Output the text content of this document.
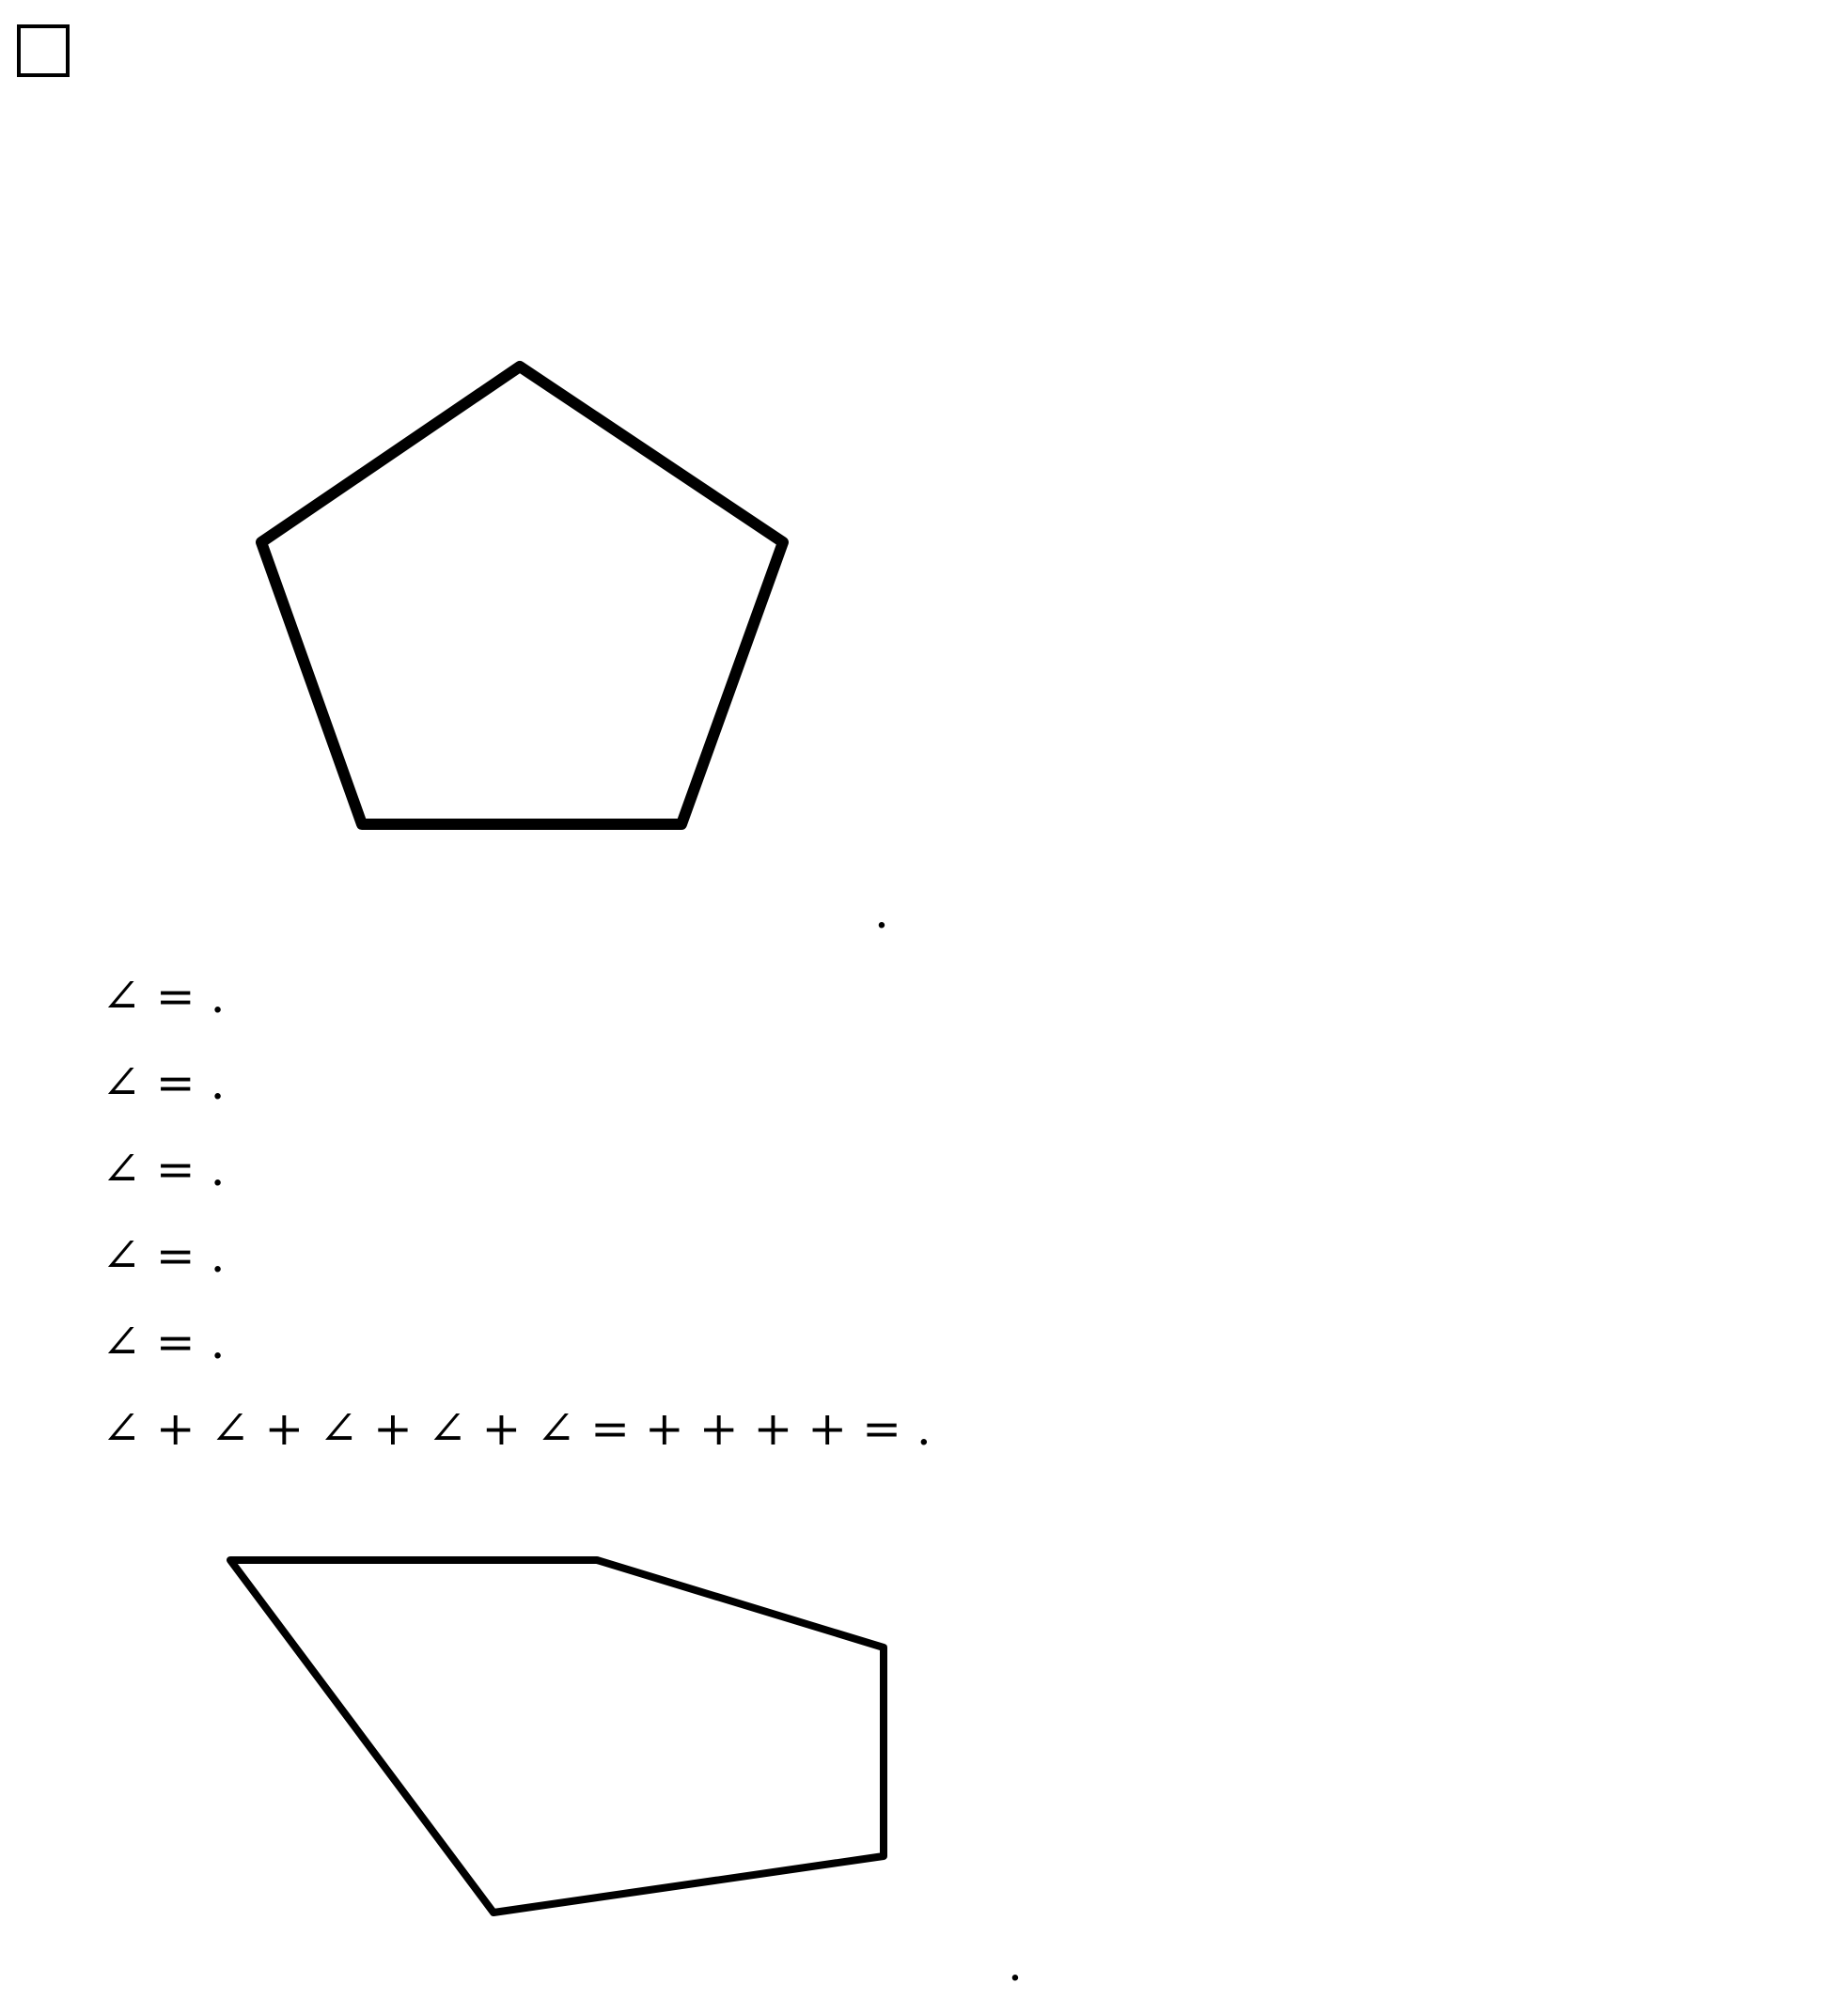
.
∠ = .
∠ = .
∠ = .
∠ = .
∠ = .
∠ + ∠ + ∠ + ∠ + ∠ = + + + + = .
.
